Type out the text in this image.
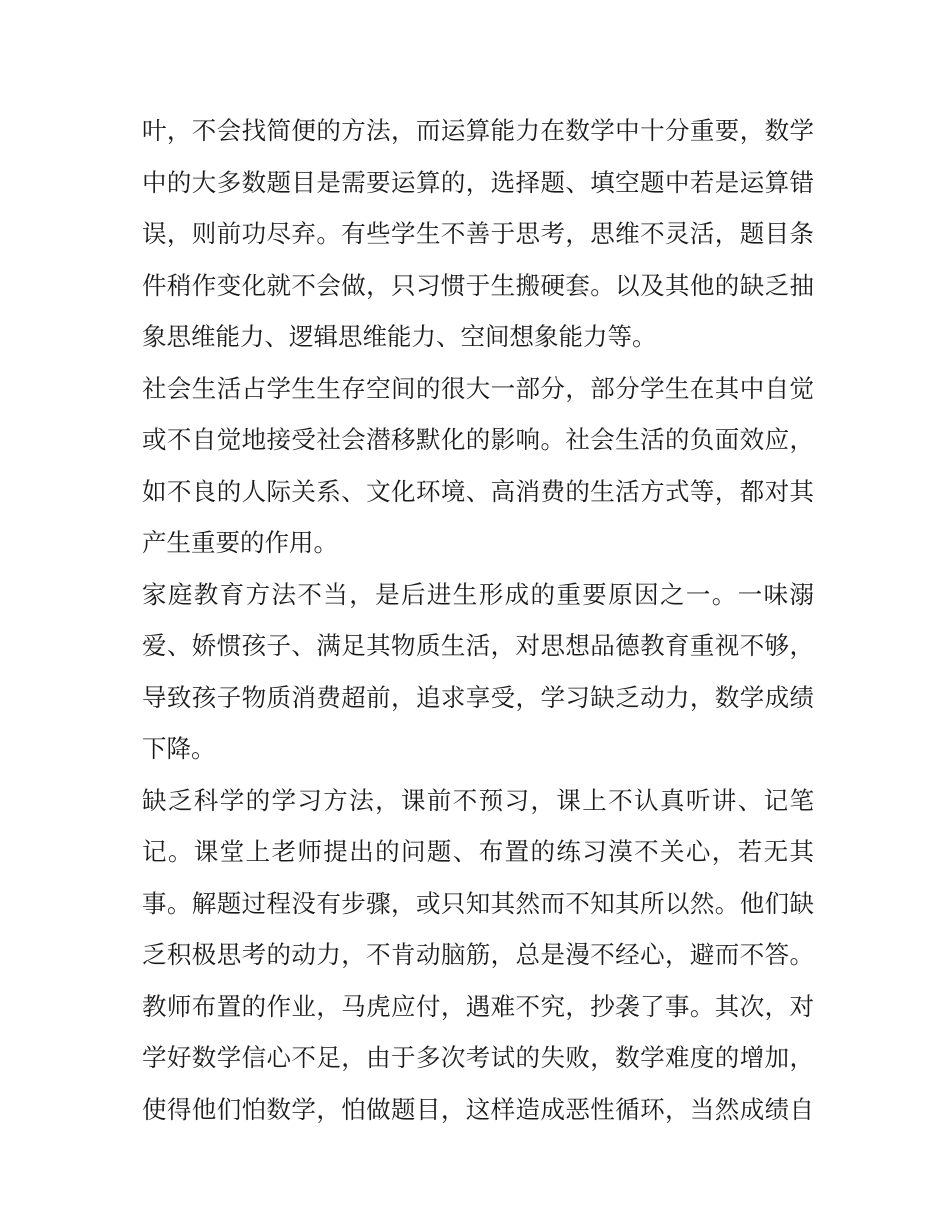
叶，不会找简便的方法，而运算能力在数学中十分重要，数学

中的大多数题目是需要运算的，选择题、填空题中若是运算错

误，则前功尽弃。有些学生不善于思考，思维不灵活，题目条

件稍作变化就不会做，只习惯于生搬硬套。以及其他的缺乏抽

象思维能力、逻辑思维能力、空间想象能力等。

社会生活占学生生存空间的很大一部分，部分学生在其中自觉

或不自觉地接受社会潜移默化的影响。社会生活的负面效应，

如不良的人际关系、文化环境、高消费的生活方式等，都对其

产生重要的作用。

家庭教育方法不当，是后进生形成的重要原因之一。一味溺

爱、娇惯孩子、满足其物质生活，对思想品德教育重视不够，

导致孩子物质消费超前，追求享受，学习缺乏动力，数学成绩

下降。

缺乏科学的学习方法，课前不预习，课上不认真听讲、记笔

记。课堂上老师提出的问题、布置的练习漠不关心，若无其

事。解题过程没有步骤，或只知其然而不知其所以然。他们缺

乏积极思考的动力，不肯动脑筋，总是漫不经心，避而不答。

教师布置的作业，马虎应付，遇难不究，抄袭了事。其次，对

学好数学信心不足，由于多次考试的失败，数学难度的增加，

使得他们怕数学，怕做题目，这样造成恶性循环，当然成绩自
